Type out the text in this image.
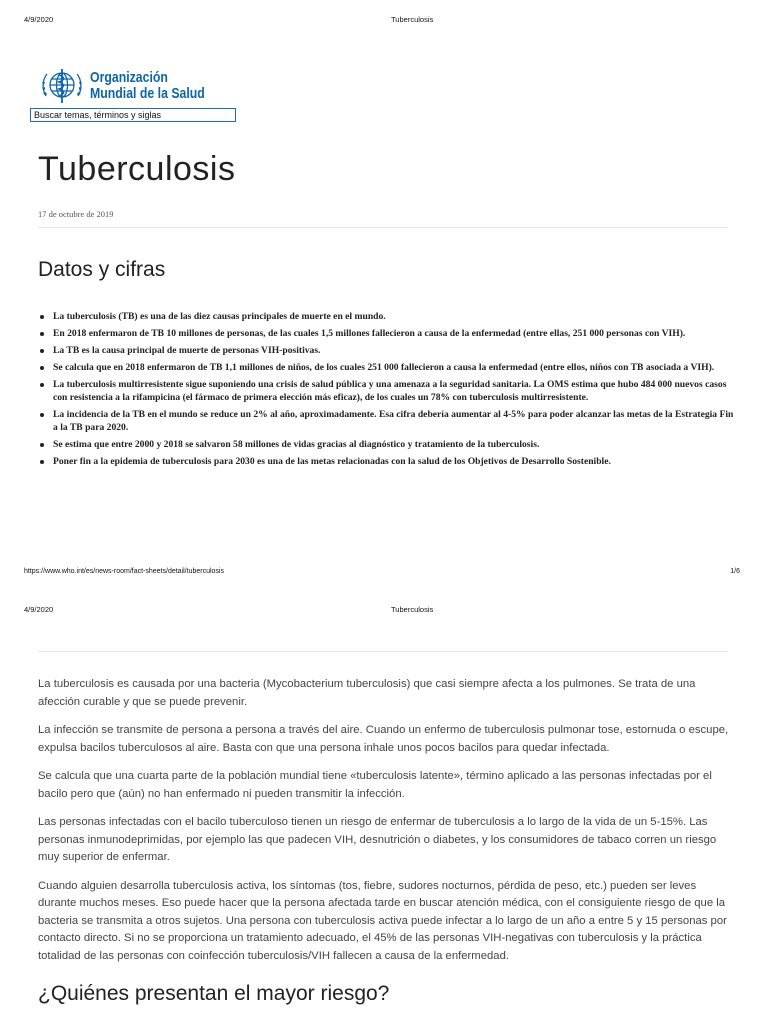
4/9/2020	Tuberculosis
Organización
Mundial de la Salud
Buscar temas, términos y siglas
Tuberculosis
17 de octubre de 2019
Datos y cifras
La tuberculosis (TB) es una de las diez causas principales de muerte en el mundo.
En 2018 enfermaron de TB 10 millones de personas, de las cuales 1,5 millones fallecieron a causa de la enfermedad (entre ellas, 251 000 personas con VIH).
La TB es la causa principal de muerte de personas VIH-positivas.
Se calcula que en 2018 enfermaron de TB 1,1 millones de niños, de los cuales 251 000 fallecieron a causa la enfermedad (entre ellos, niños con TB asociada a VIH).
La tuberculosis multirresistente sigue suponiendo una crisis de salud pública y una amenaza a la seguridad sanitaria. La OMS estima que hubo 484 000 nuevos casos con resistencia a la rifampicina (el fármaco de primera elección más eficaz), de los cuales un 78% con tuberculosis multirresistente.
La incidencia de la TB en el mundo se reduce un 2% al año, aproximadamente. Esa cifra debería aumentar al 4-5% para poder alcanzar las metas de la Estrategia Fin a la TB para 2020.
Se estima que entre 2000 y 2018 se salvaron 58 millones de vidas gracias al diagnóstico y tratamiento de la tuberculosis.
Poner fin a la epidemia de tuberculosis para 2030 es una de las metas relacionadas con la salud de los Objetivos de Desarrollo Sostenible.
https://www.who.int/es/news-room/fact-sheets/detail/tuberculosis	1/6
4/9/2020	Tuberculosis

La tuberculosis es causada por una bacteria (Mycobacterium tuberculosis) que casi siempre afecta a los pulmones. Se trata de una afección curable y que se puede prevenir.

La infección se transmite de persona a persona a través del aire. Cuando un enfermo de tuberculosis pulmonar tose, estornuda o escupe, expulsa bacilos tuberculosos al aire. Basta con que una persona inhale unos pocos bacilos para quedar infectada.

Se calcula que una cuarta parte de la población mundial tiene «tuberculosis latente», término aplicado a las personas infectadas por el bacilo pero que (aún) no han enfermado ni pueden transmitir la infección.

Las personas infectadas con el bacilo tuberculoso tienen un riesgo de enfermar de tuberculosis a lo largo de la vida de un 5-15%. Las personas inmunodeprimidas, por ejemplo las que padecen VIH, desnutrición o diabetes, y los consumidores de tabaco corren un riesgo muy superior de enfermar.

Cuando alguien desarrolla tuberculosis activa, los síntomas (tos, fiebre, sudores nocturnos, pérdida de peso, etc.) pueden ser leves durante muchos meses. Eso puede hacer que la persona afectada tarde en buscar atención médica, con el consiguiente riesgo de que la bacteria se transmita a otros sujetos. Una persona con tuberculosis activa puede infectar a lo largo de un año a entre 5 y 15 personas por contacto directo. Si no se proporciona un tratamiento adecuado, el 45% de las personas VIH-negativas con tuberculosis y la práctica totalidad de las personas con coinfección tuberculosis/VIH fallecen a causa de la enfermedad.

¿Quiénes presentan el mayor riesgo?
